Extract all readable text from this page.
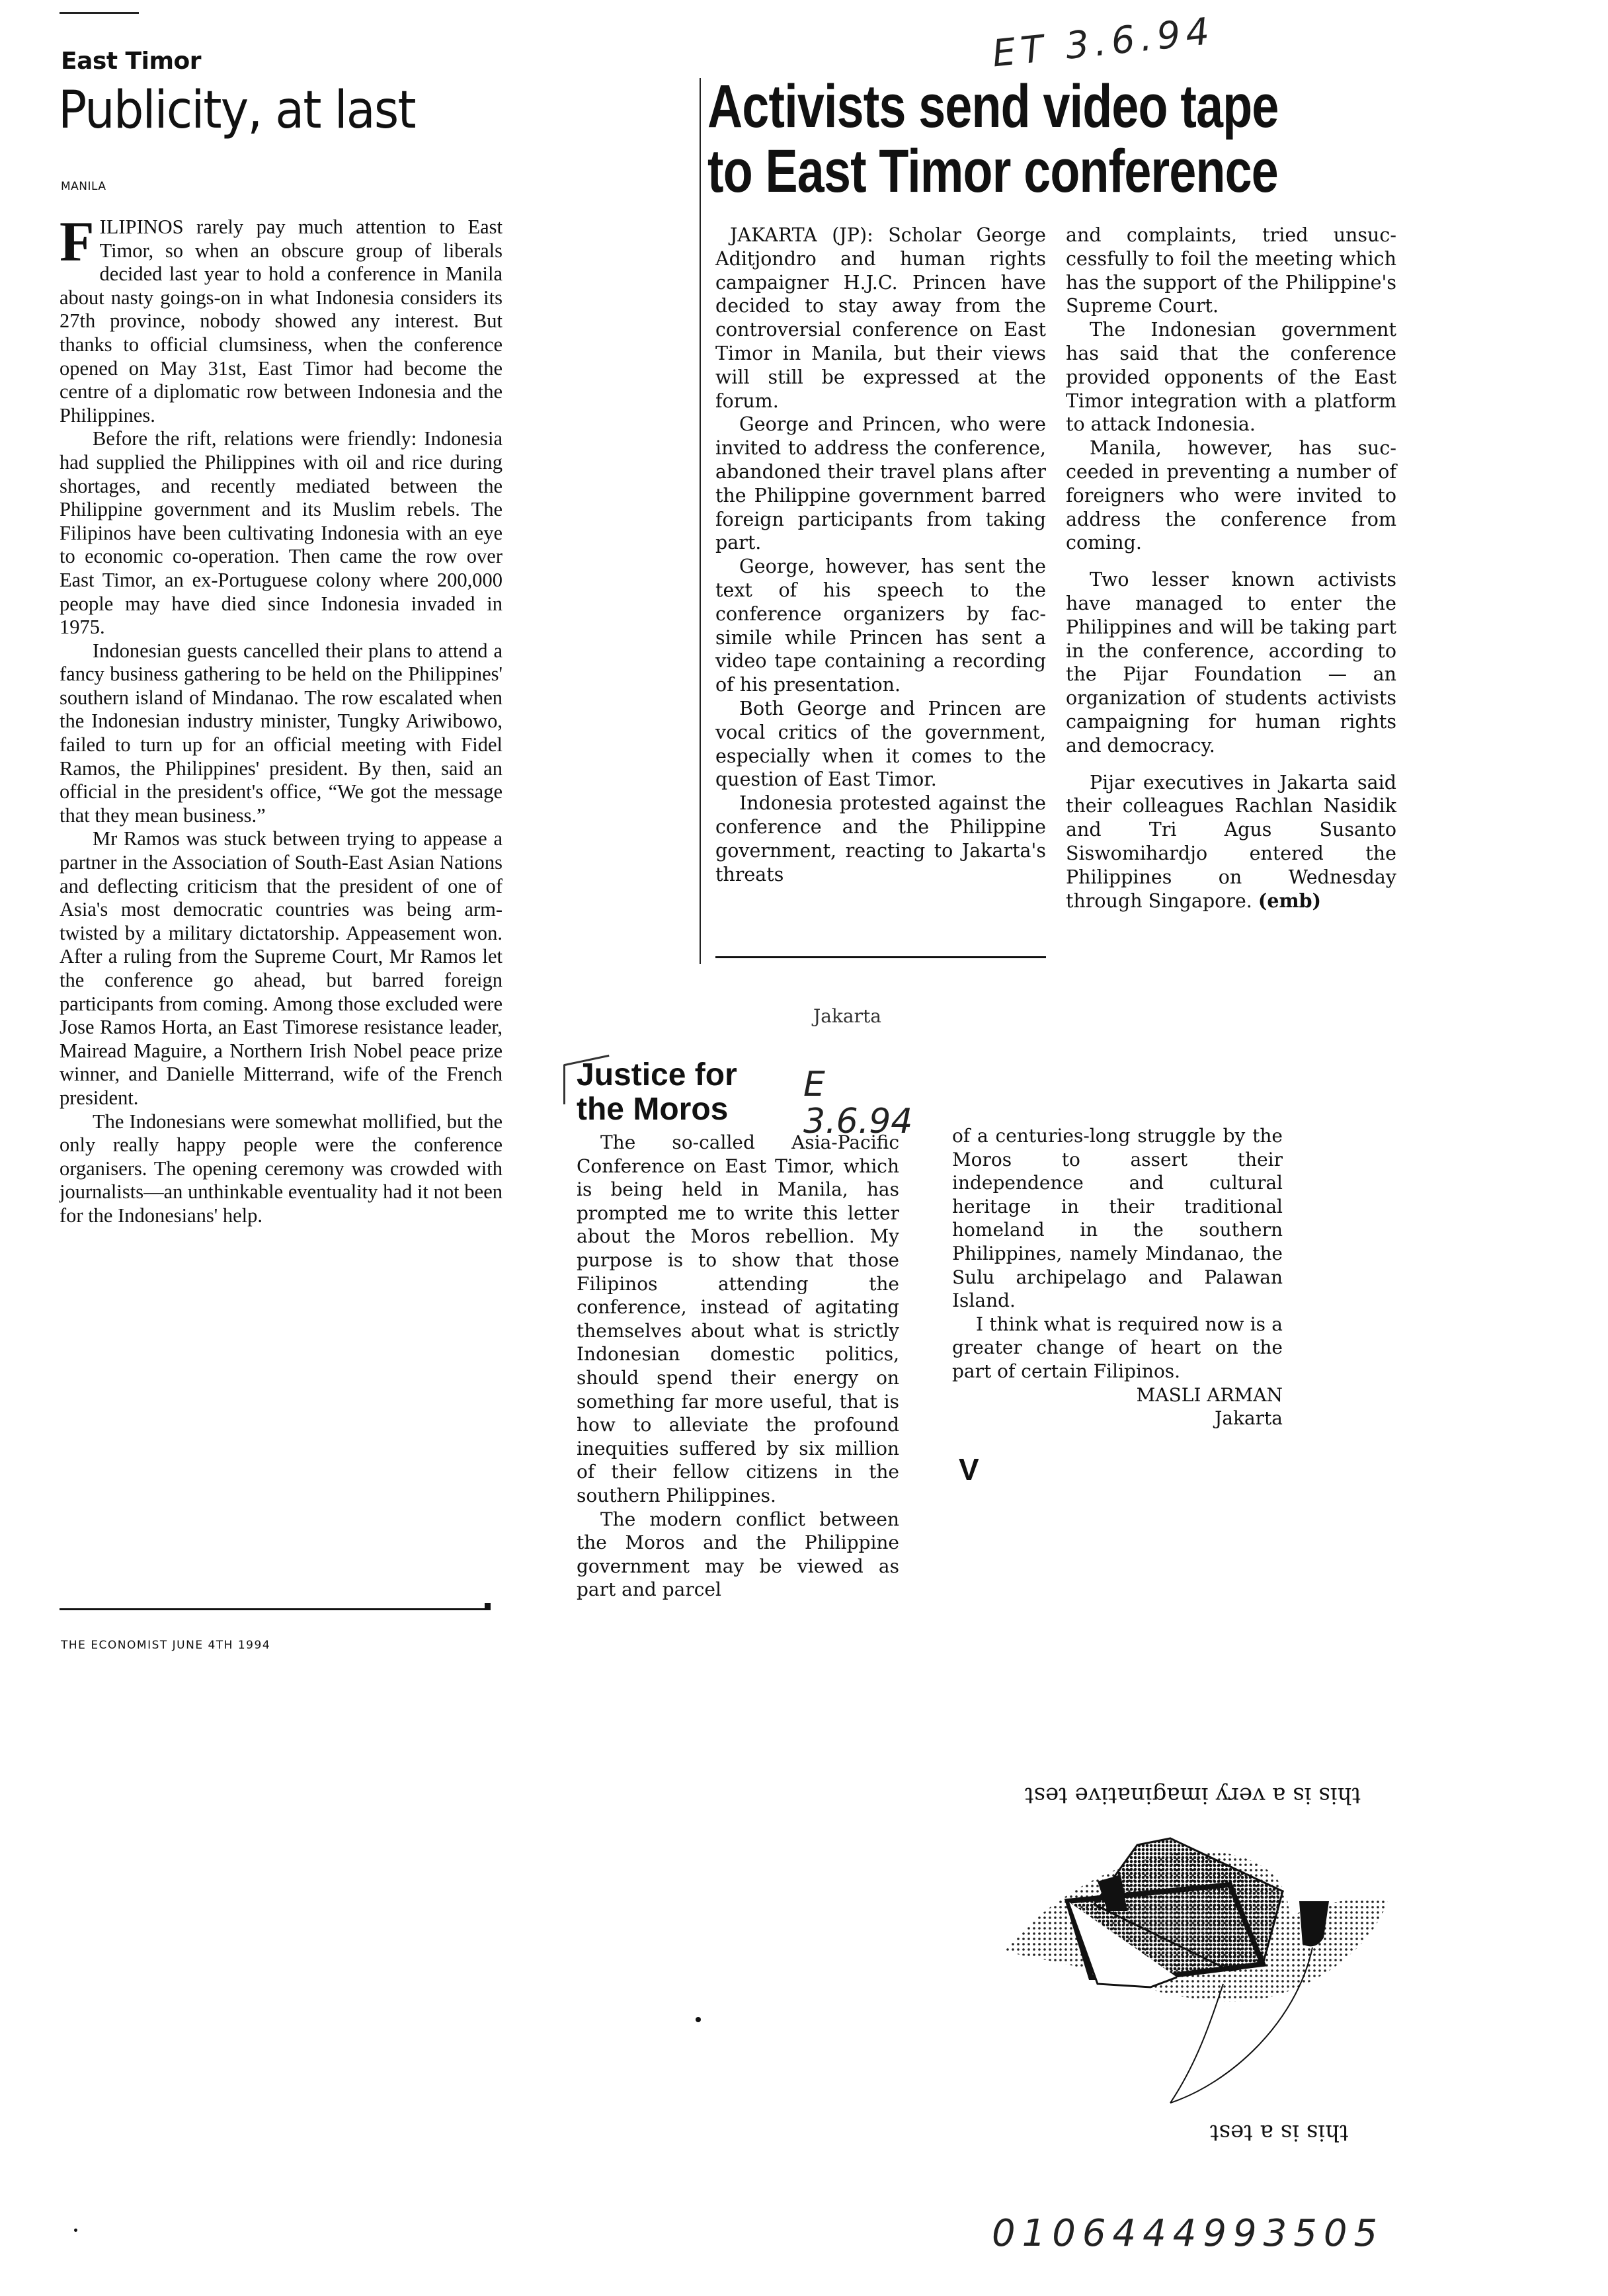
East Timor
Publicity, at last
MANILA

FILIPINOS rarely pay much attention to East Timor, so when an obscure group of liberals decided last year to hold a conference in Manila about nasty goings-on in what Indonesia considers its 27th province, nobody showed any interest. But thanks to official clumsiness, when the conference opened on May 31st, East Timor had become the centre of a diplomatic row between Indonesia and the Philippines.

Before the rift, relations were friendly: Indonesia had supplied the Philippines with oil and rice during shortages, and recently mediated between the Philippine government and its Muslim rebels. The Filipinos have been cultivating Indonesia with an eye to economic co-operation. Then came the row over East Timor, an ex-Portuguese colony where 200,000 people may have died since Indonesia invaded in 1975.

Indonesian guests cancelled their plans to attend a fancy business gathering to be held on the Philippines' southern island of Mindanao. The row escalated when the Indonesian industry minister, Tungky Ariwibowo, failed to turn up for an official meeting with Fidel Ramos, the Philippines' president. By then, said an official in the president's office, “We got the message that they mean business.”

Mr Ramos was stuck between trying to appease a partner in the Association of South-East Asian Nations and deflecting criticism that the president of one of Asia's most democratic countries was being armtwisted by a military dictatorship. Appeasement won. After a ruling from the Supreme Court, Mr Ramos let the conference go ahead, but barred foreign participants from coming. Among those excluded were Jose Ramos Horta, an East Timorese resistance leader, Mairead Maguire, a Northern Irish Nobel peace prize winner, and Danielle Mitterrand, wife of the French president.

The Indonesians were somewhat mollified, but the only really happy people were the conference organisers. The opening ceremony was crowded with journalists—an unthinkable eventuality had it not been for the Indonesians' help.

THE ECONOMIST JUNE 4TH 1994
ET 3.6.94
Activists send video tape
to East Timor conference

JAKARTA (JP): Scholar George Aditjondro and human rights campaigner H.J.C. Princen have decided to stay away from the controversial conference on East Timor in Manila, but their views will still be expressed at the forum.

George and Princen, who were invited to address the conference, abandoned their travel plans after the Philippine government barred foreign participants from taking part.

George, however, has sent the text of his speech to the conference organizers by facsimile while Princen has sent a video tape containing a recording of his presentation.

Both George and Princen are vocal critics of the government, especially when it comes to the question of East Timor.

Indonesia protested against the conference and the Philippine government, reacting to Jakarta's threats

and complaints, tried unsuccessfully to foil the meeting which has the support of the Philippine's Supreme Court.

The Indonesian government has said that the conference provided opponents of the East Timor integration with a platform to attack Indonesia.

Manila, however, has succeeded in preventing a number of foreigners who were invited to address the conference from coming.

Two lesser known activists have managed to enter the Philippines and will be taking part in the conference, according to the Pijar Foundation — an organization of students activists campaigning for human rights and democracy.

Pijar executives in Jakarta said their colleagues Rachlan Nasidik and Tri Agus Susanto Siswomihardjo entered the Philippines on Wednesday through Singapore. (emb)

Jakarta
Justice for
the Moros
E
3.6.94

The so-called Asia-Pacific Conference on East Timor, which is being held in Manila, has prompted me to write this letter about the Moros rebellion. My purpose is to show that those Filipinos attending the conference, instead of agitating themselves about what is strictly Indonesian domestic politics, should spend their energy on something far more useful, that is how to alleviate the profound inequities suffered by six million of their fellow citizens in the southern Philippines.

The modern conflict between the Moros and the Philippine government may be viewed as part and parcel

of a centuries-long struggle by the Moros to assert their independence and cultural heritage in their traditional homeland in the southern Philippines, namely Mindanao, the Sulu archipelago and Palawan Island.

I think what is required now is a greater change of heart on the part of certain Filipinos.

MASLI ARMAN

Jakarta

V
this is a very imaginative test
this is a test
0106444993505
